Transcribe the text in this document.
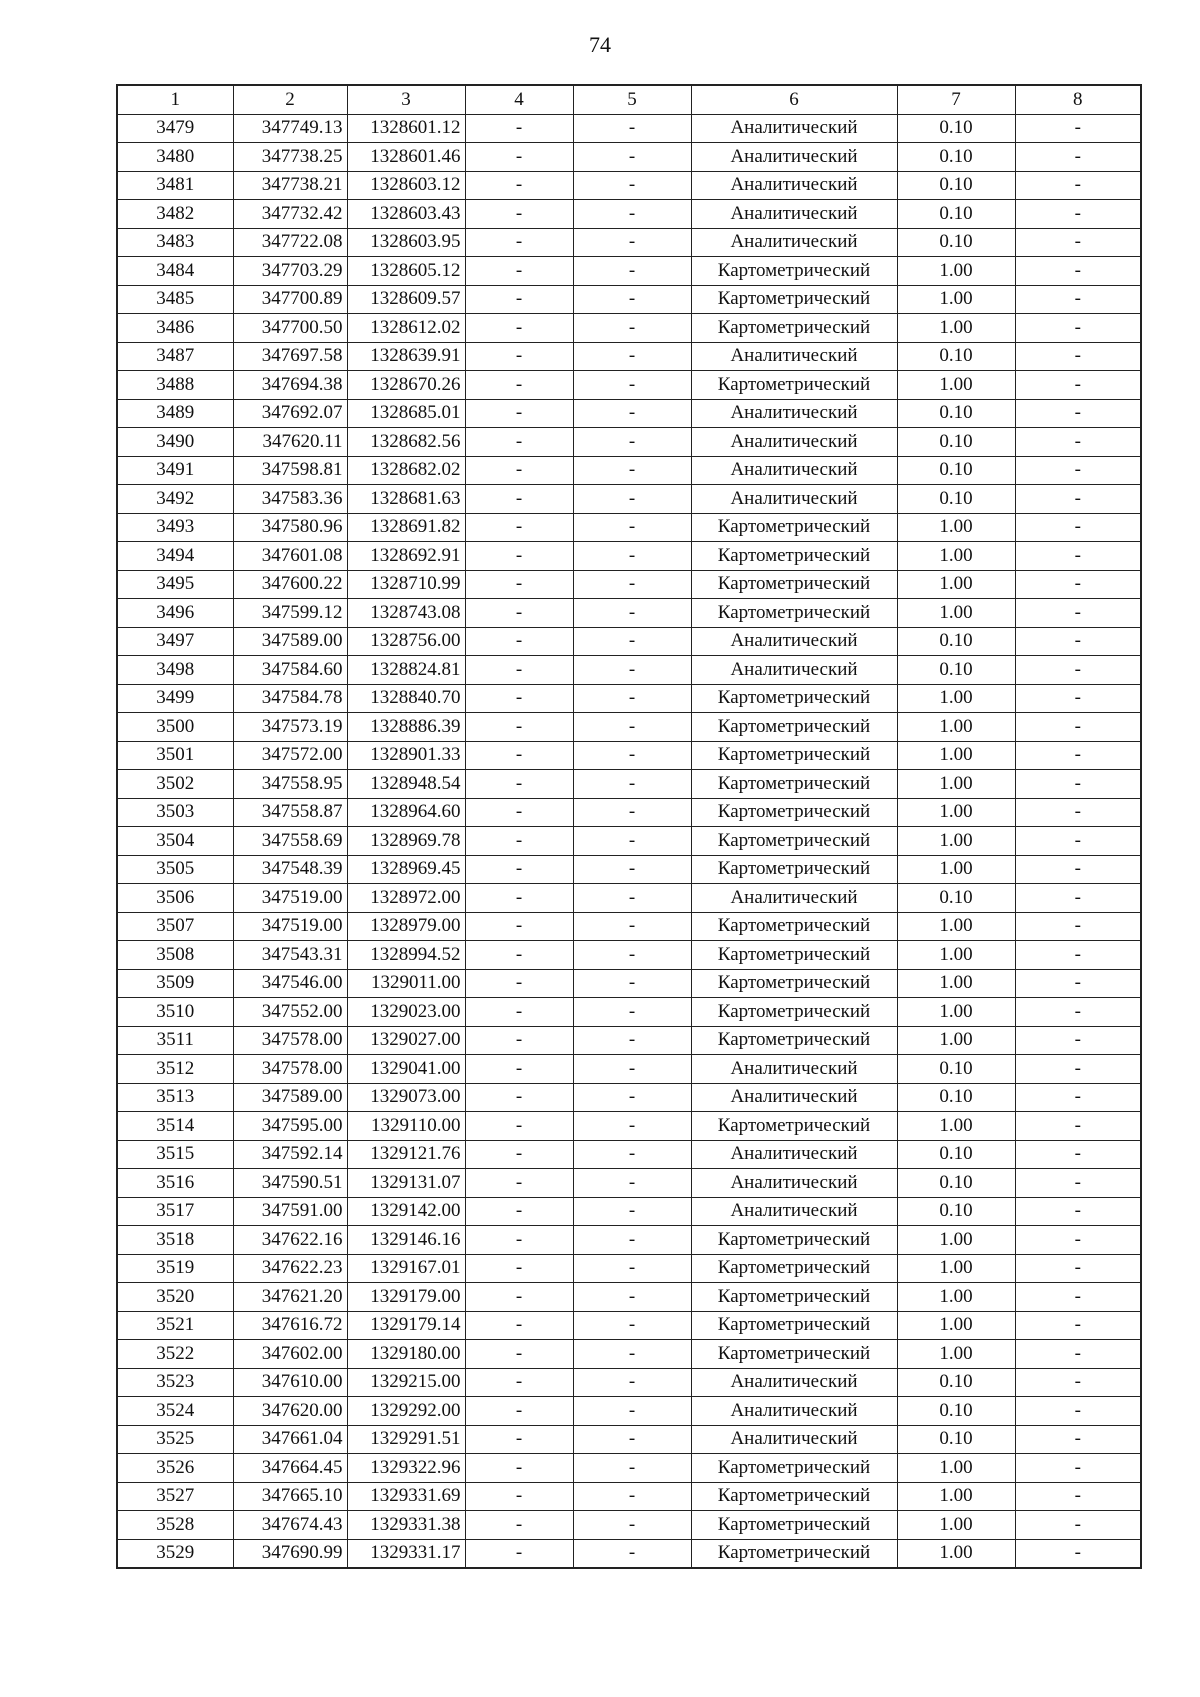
74
1	2	3	4	5	6	7	8
3479	347749.13	1328601.12	-	-	Аналитический	0.10	-
3480	347738.25	1328601.46	-	-	Аналитический	0.10	-
3481	347738.21	1328603.12	-	-	Аналитический	0.10	-
3482	347732.42	1328603.43	-	-	Аналитический	0.10	-
3483	347722.08	1328603.95	-	-	Аналитический	0.10	-
3484	347703.29	1328605.12	-	-	Картометрический	1.00	-
3485	347700.89	1328609.57	-	-	Картометрический	1.00	-
3486	347700.50	1328612.02	-	-	Картометрический	1.00	-
3487	347697.58	1328639.91	-	-	Аналитический	0.10	-
3488	347694.38	1328670.26	-	-	Картометрический	1.00	-
3489	347692.07	1328685.01	-	-	Аналитический	0.10	-
3490	347620.11	1328682.56	-	-	Аналитический	0.10	-
3491	347598.81	1328682.02	-	-	Аналитический	0.10	-
3492	347583.36	1328681.63	-	-	Аналитический	0.10	-
3493	347580.96	1328691.82	-	-	Картометрический	1.00	-
3494	347601.08	1328692.91	-	-	Картометрический	1.00	-
3495	347600.22	1328710.99	-	-	Картометрический	1.00	-
3496	347599.12	1328743.08	-	-	Картометрический	1.00	-
3497	347589.00	1328756.00	-	-	Аналитический	0.10	-
3498	347584.60	1328824.81	-	-	Аналитический	0.10	-
3499	347584.78	1328840.70	-	-	Картометрический	1.00	-
3500	347573.19	1328886.39	-	-	Картометрический	1.00	-
3501	347572.00	1328901.33	-	-	Картометрический	1.00	-
3502	347558.95	1328948.54	-	-	Картометрический	1.00	-
3503	347558.87	1328964.60	-	-	Картометрический	1.00	-
3504	347558.69	1328969.78	-	-	Картометрический	1.00	-
3505	347548.39	1328969.45	-	-	Картометрический	1.00	-
3506	347519.00	1328972.00	-	-	Аналитический	0.10	-
3507	347519.00	1328979.00	-	-	Картометрический	1.00	-
3508	347543.31	1328994.52	-	-	Картометрический	1.00	-
3509	347546.00	1329011.00	-	-	Картометрический	1.00	-
3510	347552.00	1329023.00	-	-	Картометрический	1.00	-
3511	347578.00	1329027.00	-	-	Картометрический	1.00	-
3512	347578.00	1329041.00	-	-	Аналитический	0.10	-
3513	347589.00	1329073.00	-	-	Аналитический	0.10	-
3514	347595.00	1329110.00	-	-	Картометрический	1.00	-
3515	347592.14	1329121.76	-	-	Аналитический	0.10	-
3516	347590.51	1329131.07	-	-	Аналитический	0.10	-
3517	347591.00	1329142.00	-	-	Аналитический	0.10	-
3518	347622.16	1329146.16	-	-	Картометрический	1.00	-
3519	347622.23	1329167.01	-	-	Картометрический	1.00	-
3520	347621.20	1329179.00	-	-	Картометрический	1.00	-
3521	347616.72	1329179.14	-	-	Картометрический	1.00	-
3522	347602.00	1329180.00	-	-	Картометрический	1.00	-
3523	347610.00	1329215.00	-	-	Аналитический	0.10	-
3524	347620.00	1329292.00	-	-	Аналитический	0.10	-
3525	347661.04	1329291.51	-	-	Аналитический	0.10	-
3526	347664.45	1329322.96	-	-	Картометрический	1.00	-
3527	347665.10	1329331.69	-	-	Картометрический	1.00	-
3528	347674.43	1329331.38	-	-	Картометрический	1.00	-
3529	347690.99	1329331.17	-	-	Картометрический	1.00	-
